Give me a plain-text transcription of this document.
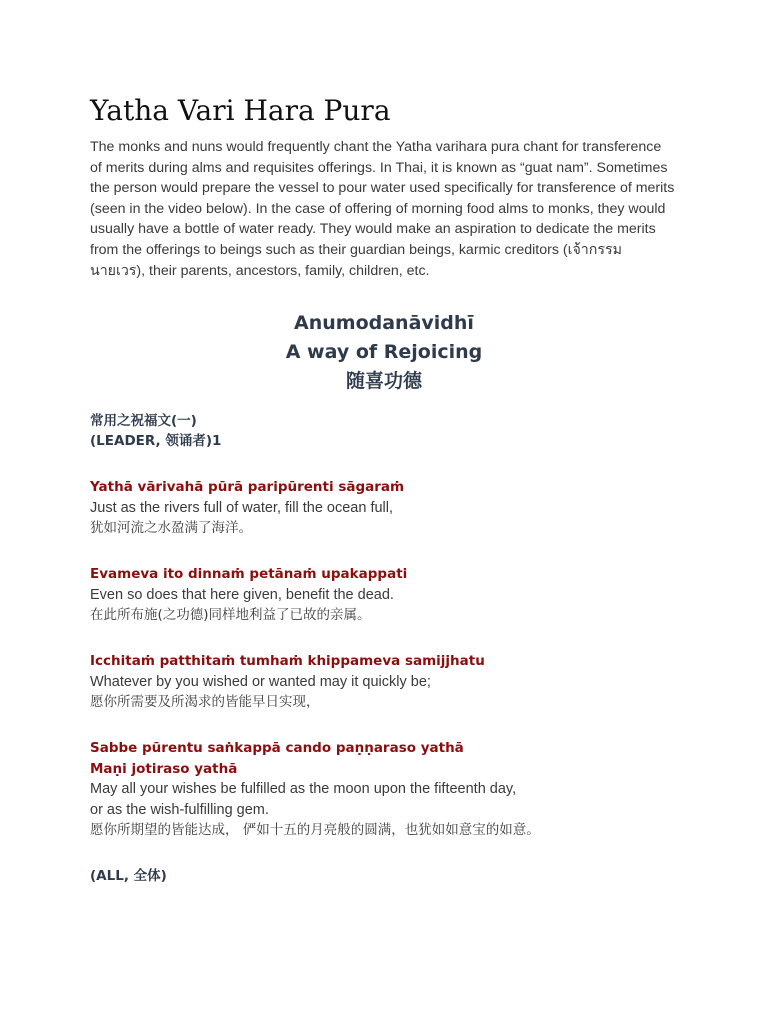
Yatha Vari Hara Pura

The monks and nuns would frequently chant the Yatha varihara pura chant for transference of merits during alms and requisites offerings. In Thai, it is known as “guat nam”. Sometimes the person would prepare the vessel to pour water used specifically for transference of merits (seen in the video below). In the case of offering of morning food alms to monks, they would usually have a bottle of water ready. They would make an aspiration to dedicate the merits from the offerings to beings such as their guardian beings, karmic creditors (เจ้ากรรมนายเวร), their parents, ancestors, family, children, etc.

Anumodanāvidhī
A way of Rejoicing
随喜功德
常用之祝福文(一)
(LEADER, 领诵者)1
Yathā vārivahā pūrā paripūrenti sāgaraṁ
Just as the rivers full of water, fill the ocean full,
犹如河流之水盈满了海洋。
Evameva ito dinnaṁ petānaṁ upakappati
Even so does that here given, benefit the dead.
在此所布施(之功德)同样地利益了已故的亲属。
Icchitaṁ patthitaṁ tumhaṁ khippameva samijjhatu
Whatever by you wished or wanted may it quickly be;
愿你所需要及所渴求的皆能早日实现，
Sabbe pūrentu saṅkappā cando paṇṇaraso yathā
Maṇi jotiraso yathā
May all your wishes be fulfilled as the moon upon the fifteenth day,
or as the wish-fulfilling gem.
愿你所期望的皆能达成， 俨如十五的月亮般的圆满，也犹如如意宝的如意。
(ALL, 全体)
